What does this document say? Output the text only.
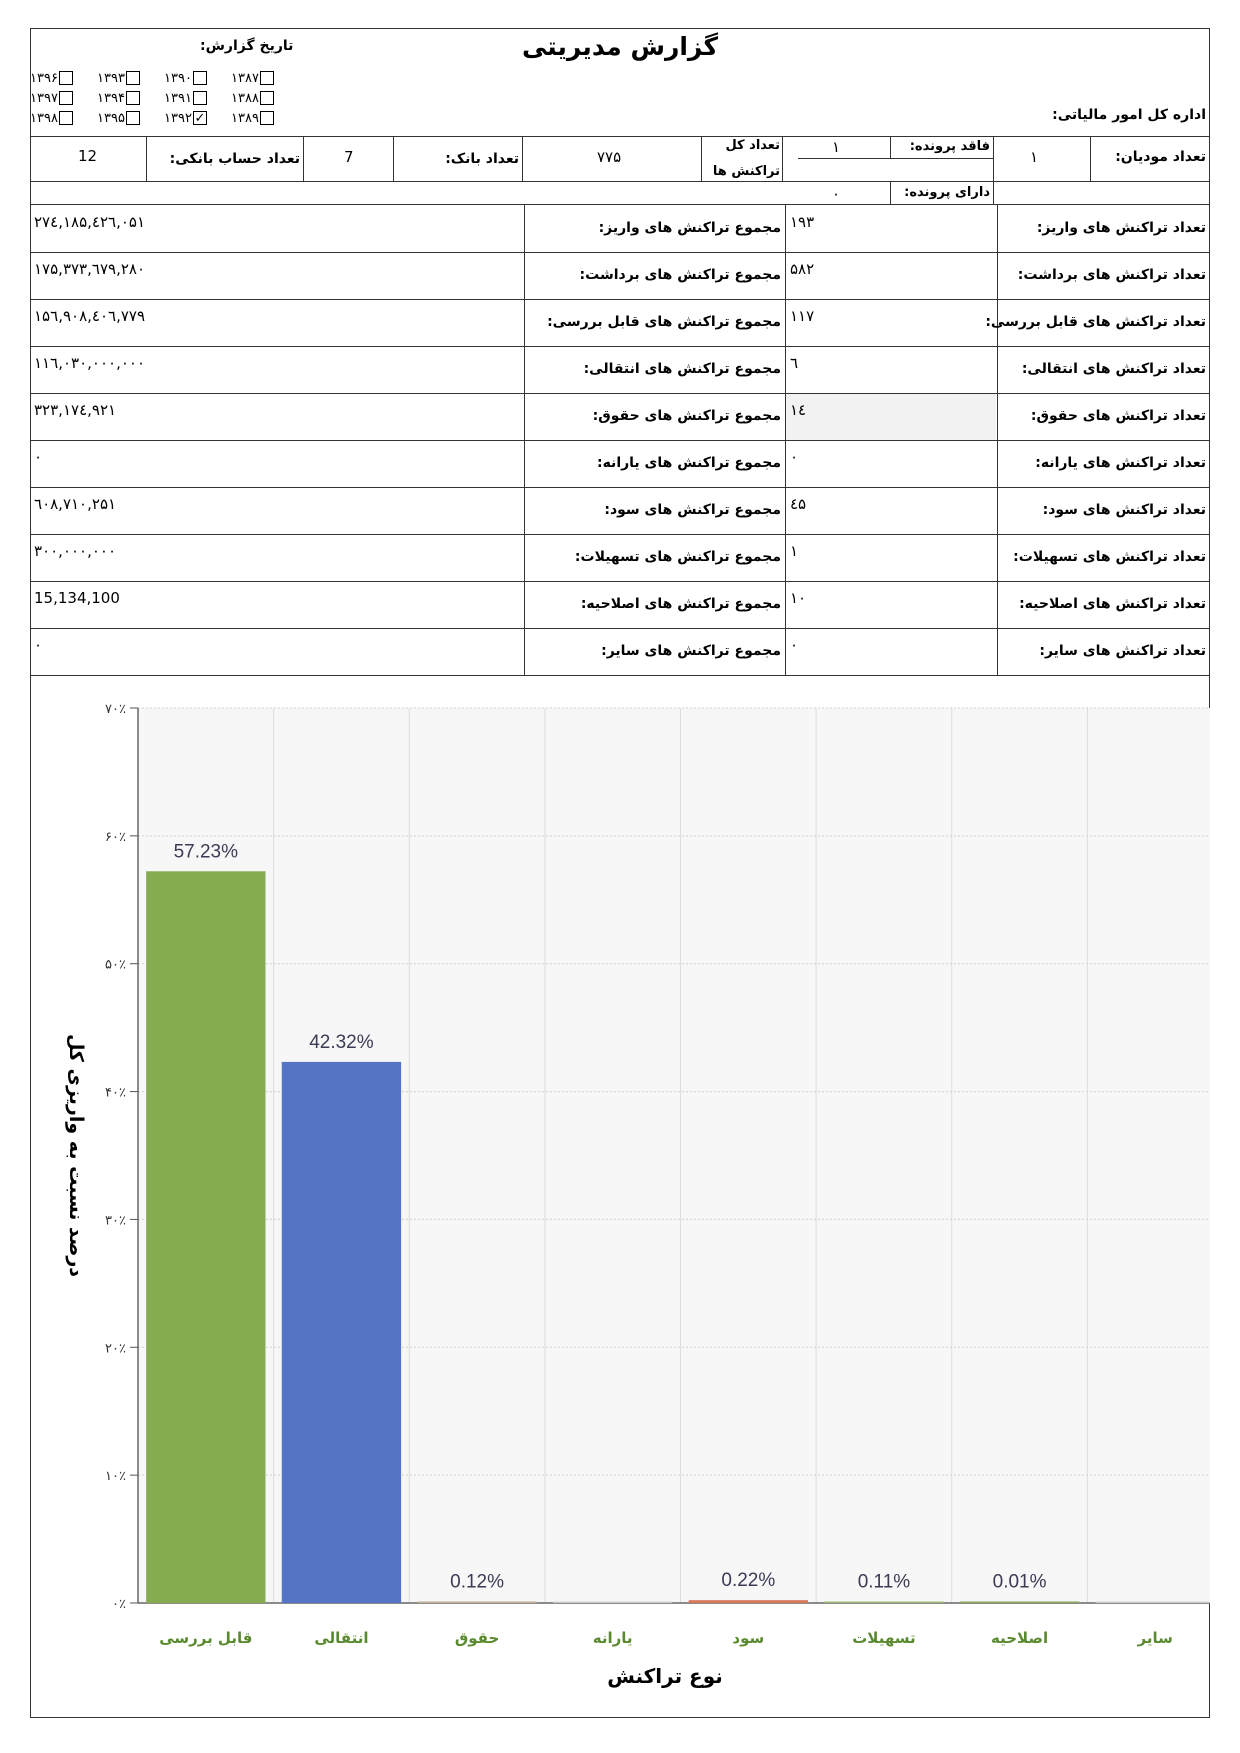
گزارش مدیریتی
تاریخ گزارش:
۱۳۹۶	۱۳۹۳	۱۳۹۰	۱۳۸۷
۱۳۹۷	۱۳۹۴	۱۳۹۱	۱۳۸۸
۱۳۹۸	۱۳۹۵	۱۳۹۲ ✓ ۱۳۸۹	اداره کل امور مالیاتی:
تعداد مودیان:
۱
فاقد پرونده:
۱
دارای پرونده:
۰
تعداد کل
تراکنش ها
۷۷۵
تعداد بانک:
7
تعداد حساب بانکی:
12
تعداد تراکنش های واریز:
۱۹۳
مجموع تراکنش های واریز:
۲۷٤,۱۸۵,٤۲٦,۰۵۱
تعداد تراکنش های برداشت:
۵۸۲
مجموع تراکنش های برداشت:
۱۷۵,۳۷۳,٦۷۹,۲۸۰
تعداد تراکنش های قابل بررسی:
۱۱۷
مجموع تراکنش های قابل بررسی:
۱۵٦,۹۰۸,٤۰٦,۷۷۹
تعداد تراکنش های انتقالی:
٦
مجموع تراکنش های انتقالی:
۱۱٦,۰۳۰,۰۰۰,۰۰۰
تعداد تراکنش های حقوق:
١٤
مجموع تراکنش های حقوق:
۳۲۳,۱۷٤,۹۲۱
تعداد تراکنش های یارانه:
۰
مجموع تراکنش های یارانه:
۰
تعداد تراکنش های سود:
٤۵
مجموع تراکنش های سود:
٦۰۸,۷۱۰,۲۵۱
تعداد تراکنش های تسهیلات:
۱
مجموع تراکنش های تسهیلات:
۳۰۰,۰۰۰,۰۰۰
تعداد تراکنش های اصلاحیه:
۱۰
مجموع تراکنش های اصلاحیه:
15,134,100
تعداد تراکنش های سایر:
۰
مجموع تراکنش های سایر:
۰
57.23%
42.32%
0.12%	0.22%	0.11%	0.01%
۰٪
۱۰٪
۲۰٪
۳۰٪
۴۰٪
۵۰٪
۶۰٪
۷۰٪
قابل بررسی	انتقالی	حقوق	یارانه	سود	تسهیلات	اصلاحیه	سایر
درصد نسبت به واریزی کل
نوع تراکنش
